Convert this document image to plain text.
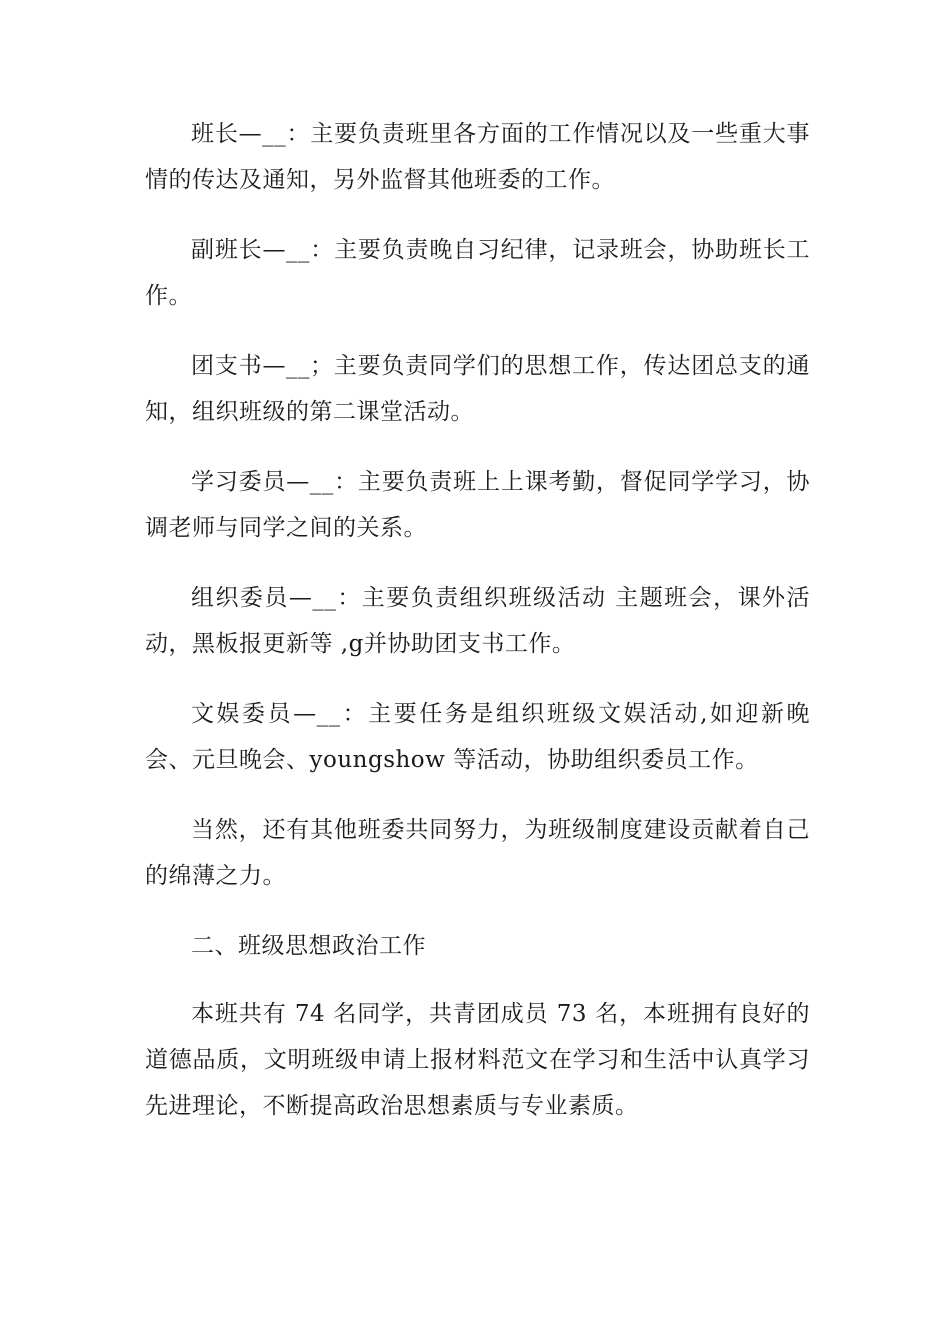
班长—__：主要负责班里各方面的工作情况以及一些重大事情的传达及通知，另外监督其他班委的工作。

副班长—__：主要负责晚自习纪律，记录班会，协助班长工作。

团支书—__；主要负责同学们的思想工作，传达团总支的通知，组织班级的第二课堂活动。

学习委员—__：主要负责班上上课考勤，督促同学学习，协调老师与同学之间的关系。

组织委员—__：主要负责组织班级活动 主题班会，课外活动，黑板报更新等 ,g并协助团支书工作。

文娱委员—__：主要任务是组织班级文娱活动,如迎新晚会、元旦晚会、youngshow 等活动，协助组织委员工作。

当然，还有其他班委共同努力，为班级制度建设贡献着自己的绵薄之力。

二、班级思想政治工作

本班共有 74 名同学，共青团成员 73 名，本班拥有良好的道德品质，文明班级申请上报材料范文在学习和生活中认真学习先进理论，不断提高政治思想素质与专业素质。
